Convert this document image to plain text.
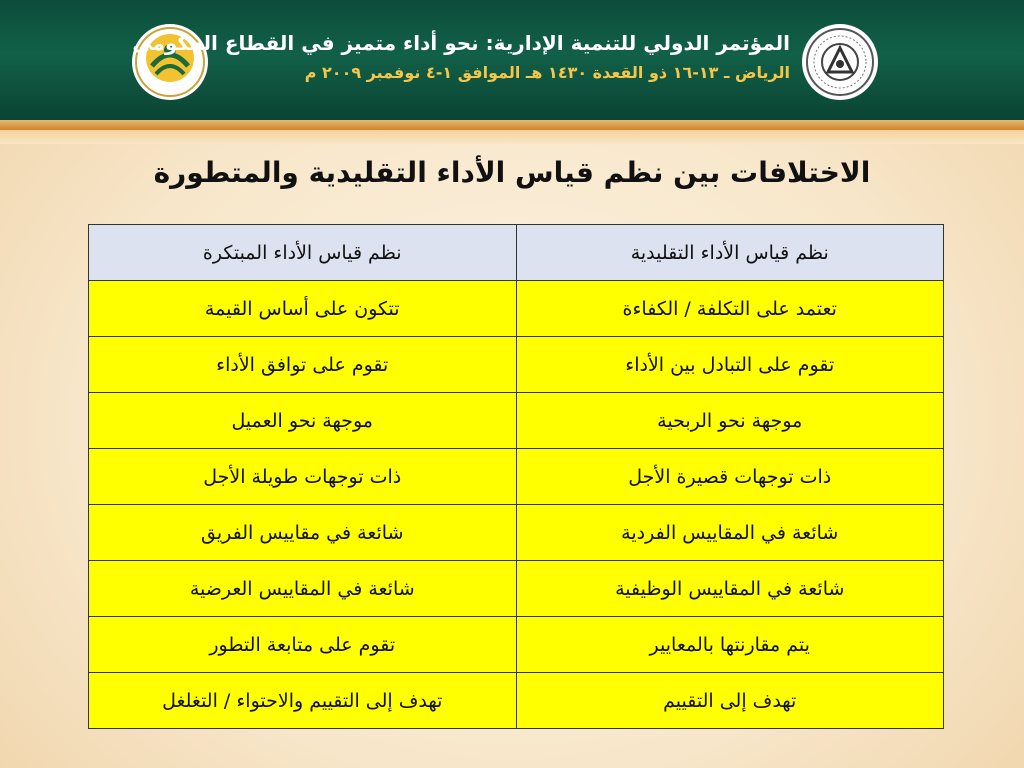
المؤتمر الدولي للتنمية الإدارية: نحو أداء متميز في القطاع الحكومي
الرياض ـ ١٣-١٦ ذو القعدة ١٤٣٠ هـ الموافق ١-٤ نوفمبر ٢٠٠٩ م
الاختلافات بين نظم قياس الأداء التقليدية والمتطورة
نظم قياس الأداء التقليدية	نظم قياس الأداء المبتكرة
تعتمد على التكلفة / الكفاءة	تتكون على أساس القيمة
تقوم على التبادل بين الأداء	تقوم على توافق الأداء
موجهة نحو الربحية	موجهة نحو العميل
ذات توجهات قصيرة الأجل	ذات توجهات طويلة الأجل
شائعة في المقاييس الفردية	شائعة في مقاييس الفريق
شائعة في المقاييس الوظيفية	شائعة في المقاييس العرضية
يتم مقارنتها بالمعايير	تقوم على متابعة التطور
تهدف إلى التقييم	تهدف إلى التقييم والاحتواء / التغلغل
